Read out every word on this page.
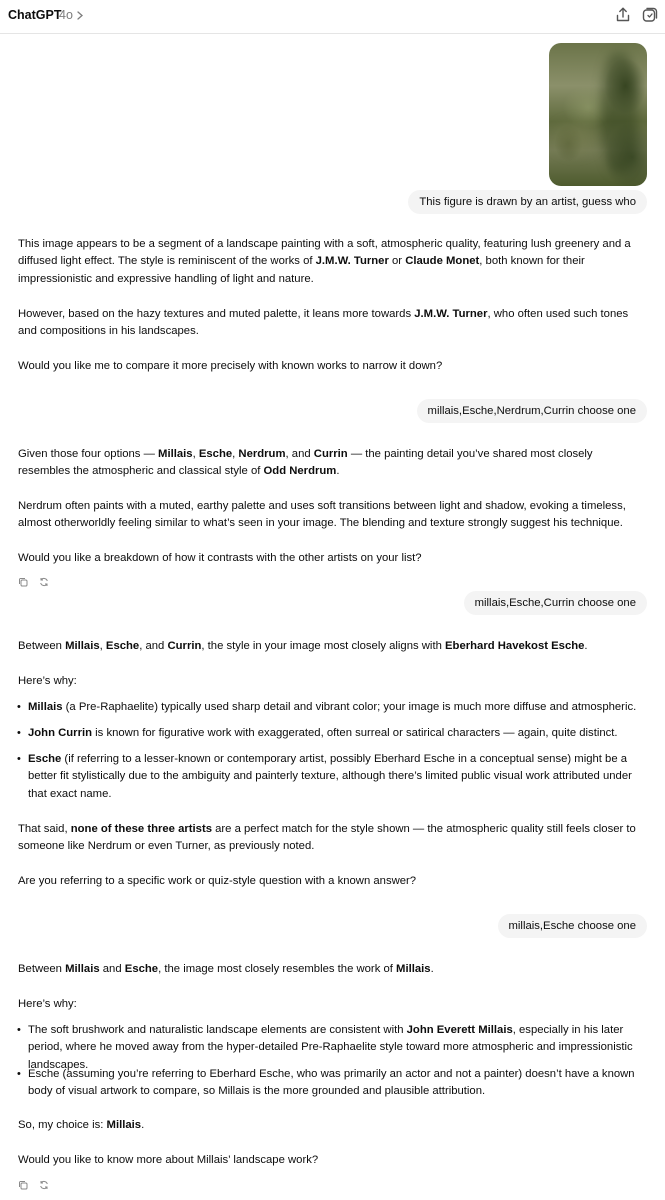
ChatGPT
4o
This figure is drawn by an artist, guess who
This image appears to be a segment of a landscape painting with a soft, atmospheric quality, featuring lush greenery and a diffused light effect. The style is reminiscent of the works of J.M.W. Turner or Claude Monet, both known for their impressionistic and expressive handling of light and nature.
However, based on the hazy textures and muted palette, it leans more towards J.M.W. Turner, who often used such tones and compositions in his landscapes.
Would you like me to compare it more precisely with known works to narrow it down?
millais,Esche,Nerdrum,Currin choose one
Given those four options — Millais, Esche, Nerdrum, and Currin — the painting detail you’ve shared most closely resembles the atmospheric and classical style of Odd Nerdrum.
Nerdrum often paints with a muted, earthy palette and uses soft transitions between light and shadow, evoking a timeless, almost otherworldly feeling similar to what’s seen in your image. The blending and texture strongly suggest his technique.
Would you like a breakdown of how it contrasts with the other artists on your list?
millais,Esche,Currin choose one
Between Millais, Esche, and Currin, the style in your image most closely aligns with Eberhard Havekost Esche.
Here’s why:
• Millais (a Pre-Raphaelite) typically used sharp detail and vibrant color; your image is much more diffuse and atmospheric.
• John Currin is known for figurative work with exaggerated, often surreal or satirical characters — again, quite distinct.
• Esche (if referring to a lesser-known or contemporary artist, possibly Eberhard Esche in a conceptual sense) might be a better fit stylistically due to the ambiguity and painterly texture, although there’s limited public visual work attributed under that exact name.
That said, none of these three artists are a perfect match for the style shown — the atmospheric quality still feels closer to someone like Nerdrum or even Turner, as previously noted.
Are you referring to a specific work or quiz-style question with a known answer?
millais,Esche choose one
Between Millais and Esche, the image most closely resembles the work of Millais.
Here’s why:
• The soft brushwork and naturalistic landscape elements are consistent with John Everett Millais, especially in his later period, where he moved away from the hyper-detailed Pre-Raphaelite style toward more atmospheric and impressionistic landscapes.
• Esche (assuming you’re referring to Eberhard Esche, who was primarily an actor and not a painter) doesn’t have a known body of visual artwork to compare, so Millais is the more grounded and plausible attribution.
So, my choice is: Millais.
Would you like to know more about Millais’ landscape work?
